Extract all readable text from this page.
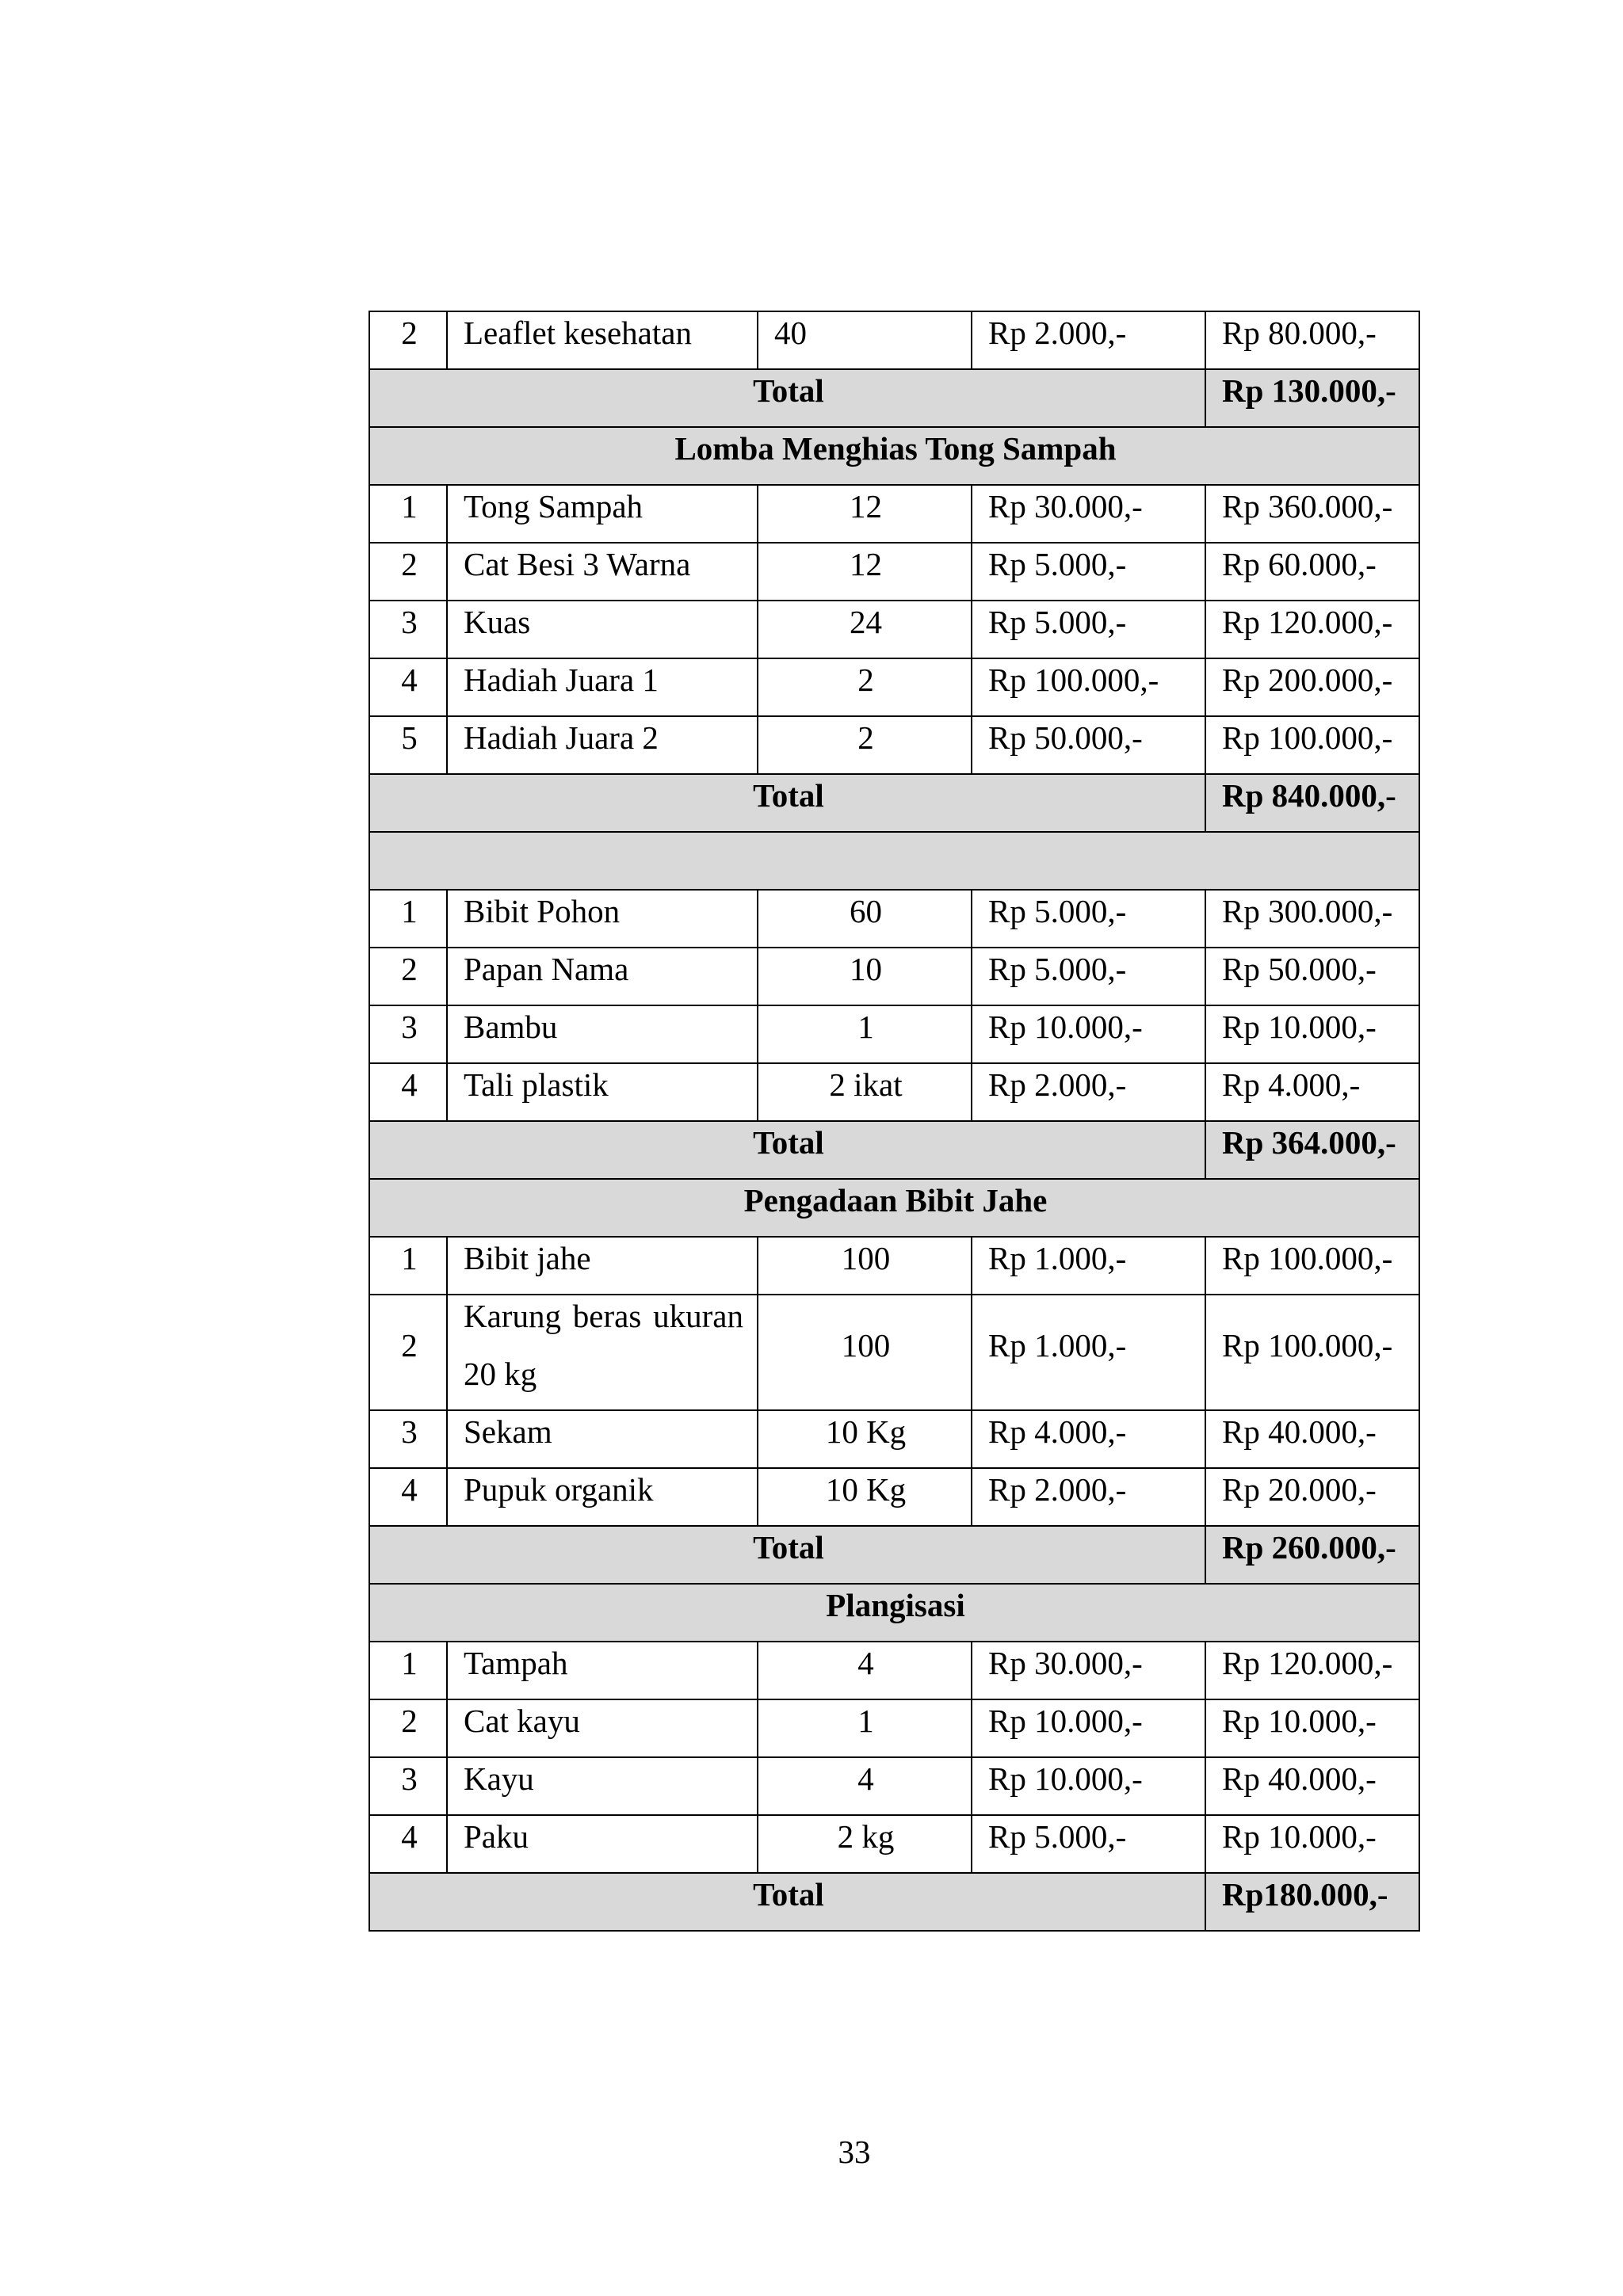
2	Leaflet kesehatan	40	Rp 2.000,-	Rp 80.000,-

Total				Rp 130.000,-

Lomba Menghias Tong Sampah				

1	Tong Sampah	12	Rp 30.000,-	Rp 360.000,-

2	Cat Besi 3 Warna	12	Rp 5.000,-	Rp 60.000,-

3	Kuas	24	Rp 5.000,-	Rp 120.000,-

4	Hadiah Juara 1	2	Rp 100.000,-	Rp 200.000,-

5	Hadiah Juara 2	2	Rp 50.000,-	Rp 100.000,-

Total				Rp 840.000,-

1	Bibit Pohon	60	Rp 5.000,-	Rp 300.000,-

2	Papan Nama	10	Rp 5.000,-	Rp 50.000,-

3	Bambu	1	Rp 10.000,-	Rp 10.000,-

4	Tali plastik	2 ikat	Rp 2.000,-	Rp 4.000,-

Total				Rp 364.000,-

Pengadaan Bibit Jahe				

1	Bibit jahe	100	Rp 1.000,-	Rp 100.000,-

2	Karung beras ukuran 20 kg	100	Rp 1.000,-	Rp 100.000,-

3	Sekam	10 Kg	Rp 4.000,-	Rp 40.000,-

4	Pupuk organik	10 Kg	Rp 2.000,-	Rp 20.000,-

Total				Rp 260.000,-

Plangisasi				

1	Tampah	4	Rp 30.000,-	Rp 120.000,-

2	Cat kayu	1	Rp 10.000,-	Rp 10.000,-

3	Kayu	4	Rp 10.000,-	Rp 40.000,-

4	Paku	2 kg	Rp 5.000,-	Rp 10.000,-

Total				Rp180.000,-
33
